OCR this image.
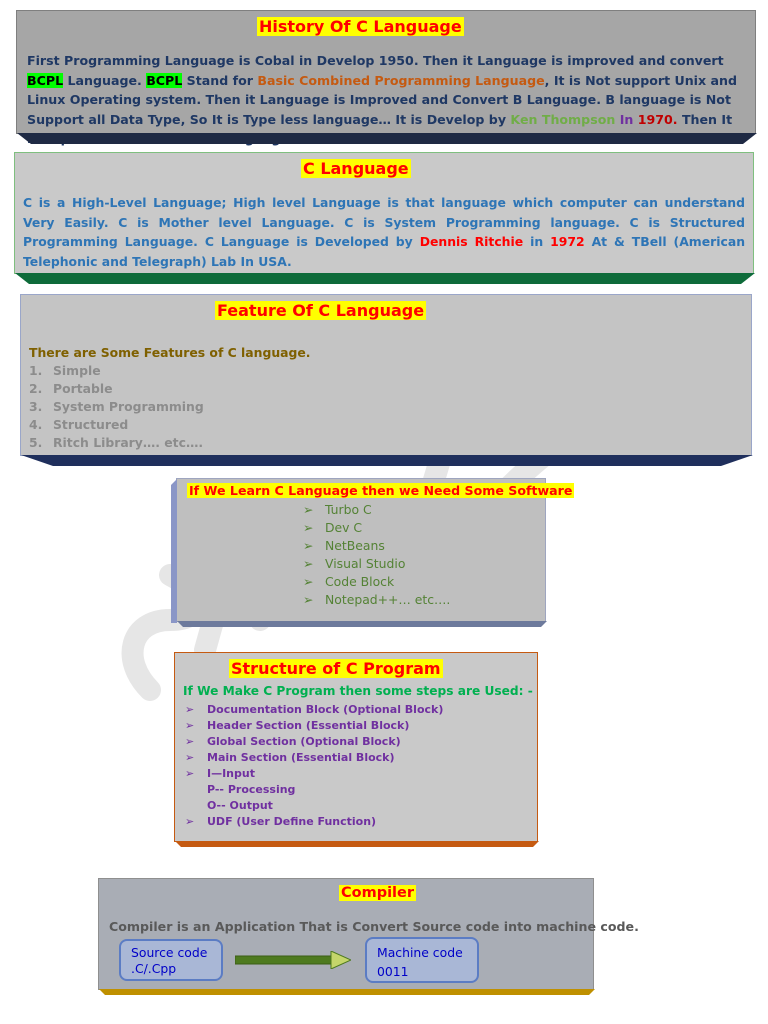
History Of C Language
First Programming Language is Cobal in Develop 1950. Then it Language is improved and convert BCPL Language. BCPL Stand for Basic Combined Programming Language, It is Not support Unix and Linux Operating system. Then it Language is Improved and Convert B Language. B language is Not Support all Data Type, So It is Type less language… It is Develop by Ken Thompson In 1970. Then It
C Language
C is a High-Level Language; High level Language is that language which computer can understand Very Easily. C is Mother level Language. C is System Programming language. C is Structured Programming Language. C Language is Developed by Dennis Ritchie in 1972 At & TBell (American Telephonic and Telegraph) Lab In USA.
Feature Of C Language
There are Some Features of C language.
1. Simple
2. Portable
3. System Programming
4. Structured
5. Ritch Library…. etc….
If We Learn C Language then we Need Some Software
➢ Turbo C
➢ Dev C
➢ NetBeans
➢ Visual Studio
➢ Code Block
➢ Notepad++… etc….
Structure of C Program
If We Make C Program then some steps are Used: -
➢ Documentation Block (Optional Block)
➢ Header Section (Essential Block)
➢ Global Section (Optional Block)
➢ Main Section (Essential Block)
➢ I—Input
P-- Processing
O-- Output
➢ UDF (User Define Function)
Compiler
Compiler is an Application That is Convert Source code into machine code.
Source code
.C/.Cpp
Machine code
0011
